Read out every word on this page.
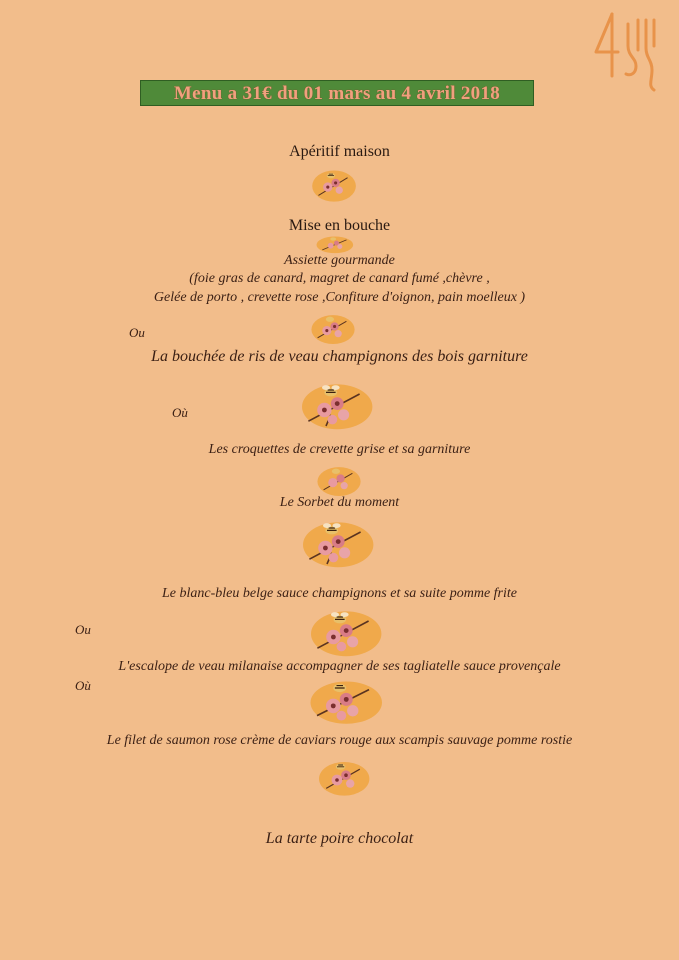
Menu a 31€ du 01 mars au 4 avril 2018
Apéritif maison
Mise en bouche
Assiette gourmande
(foie gras de canard, magret de canard fumé ,chèvre ,
Gelée de porto , crevette rose ,Confiture d'oignon, pain moelleux )
Ou
La bouchée de ris de veau champignons des bois garniture
Où
Les croquettes de crevette grise et sa garniture
Le Sorbet du moment
Le blanc-bleu belge sauce champignons et sa suite pomme frite
Ou
L'escalope de veau milanaise accompagner de ses tagliatelle sauce provençale
Où
Le filet de saumon rose crème de caviars rouge aux scampis sauvage pomme rostie
La tarte poire chocolat
